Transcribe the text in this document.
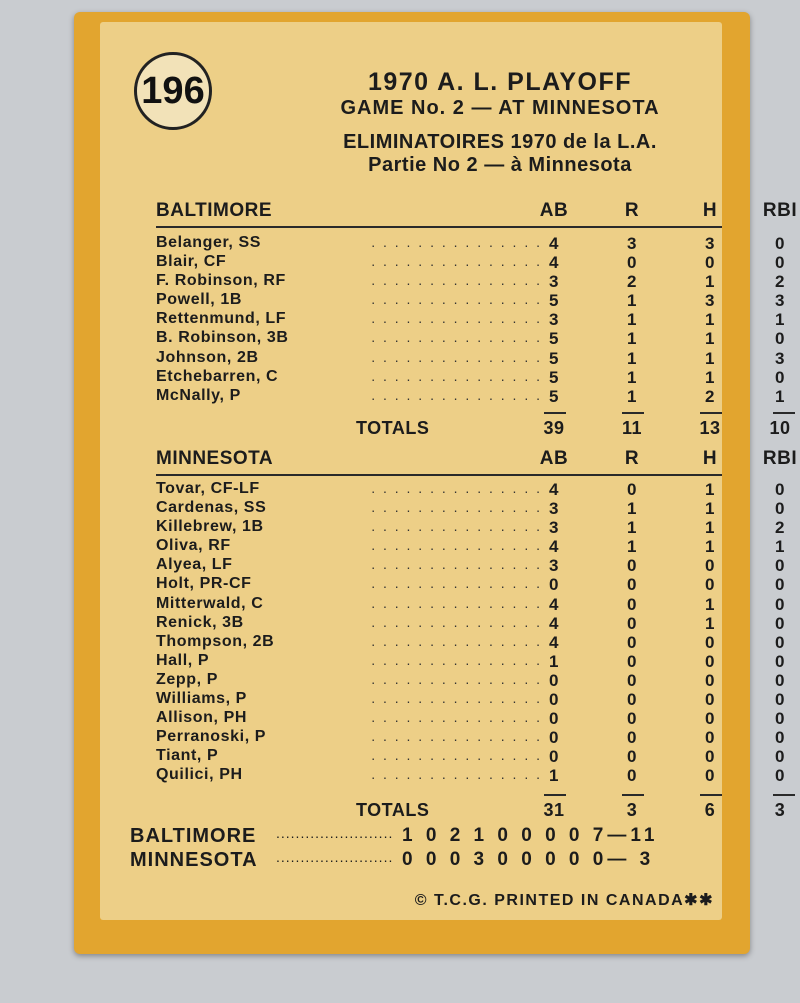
196	1970 A. L. PLAYOFF
GAME No. 2 — AT MINNESOTA
ELIMINATOIRES 1970 de la L.A.
Partie No 2 — à Minnesota
BALTIMORE	AB	R	H	RBI
Belanger, SS	. . . . . . . . . . . . . . . 4	3	3	0
Blair, CF	. . . . . . . . . . . . . . . 4	0	0	0
F. Robinson, RF	. . . . . . . . . . . . . . . 3	2	1	2
Powell, 1B	. . . . . . . . . . . . . . . 5	1	3	3
Rettenmund, LF	. . . . . . . . . . . . . . . 3	1	1	1
B. Robinson, 3B	. . . . . . . . . . . . . . . 5	1	1	0
Johnson, 2B	. . . . . . . . . . . . . . . 5	1	1	3
Etchebarren, C	. . . . . . . . . . . . . . . 5	1	1	0
McNally, P	. . . . . . . . . . . . . . . 5	1	2	1
TOTALS	39	11	13	10
MINNESOTA	AB	R	H	RBI
Tovar, CF-LF	. . . . . . . . . . . . . . . 4	0	1	0
Cardenas, SS	. . . . . . . . . . . . . . . 3	1	1	0
Killebrew, 1B	. . . . . . . . . . . . . . . 3	1	1	2
Oliva, RF	. . . . . . . . . . . . . . . 4	1	1	1
Alyea, LF	. . . . . . . . . . . . . . . 3	0	0	0
Holt, PR-CF	. . . . . . . . . . . . . . . 0	0	0	0
Mitterwald, C	. . . . . . . . . . . . . . . 4	0	1	0
Renick, 3B	. . . . . . . . . . . . . . . 4	0	1	0
Thompson, 2B	. . . . . . . . . . . . . . . 4	0	0	0
Hall, P	. . . . . . . . . . . . . . . 1	0	0	0
Zepp, P	. . . . . . . . . . . . . . . 0	0	0	0
Williams, P	. . . . . . . . . . . . . . . 0	0	0	0
Allison, PH	. . . . . . . . . . . . . . . 0	0	0	0
Perranoski, P	. . . . . . . . . . . . . . . 0	0	0	0
Tiant, P	. . . . . . . . . . . . . . . 0	0	0	0
Quilici, PH	. . . . . . . . . . . . . . . 1	0	0	0
TOTALS	31	3	6	3
BALTIMORE ........................ 1 0 2 1 0 0 0 0 7—11
MINNESOTA ........................ 0 0 0 3 0 0 0 0 0— 3
© T.C.G. PRINTED IN CANADA✱✱
